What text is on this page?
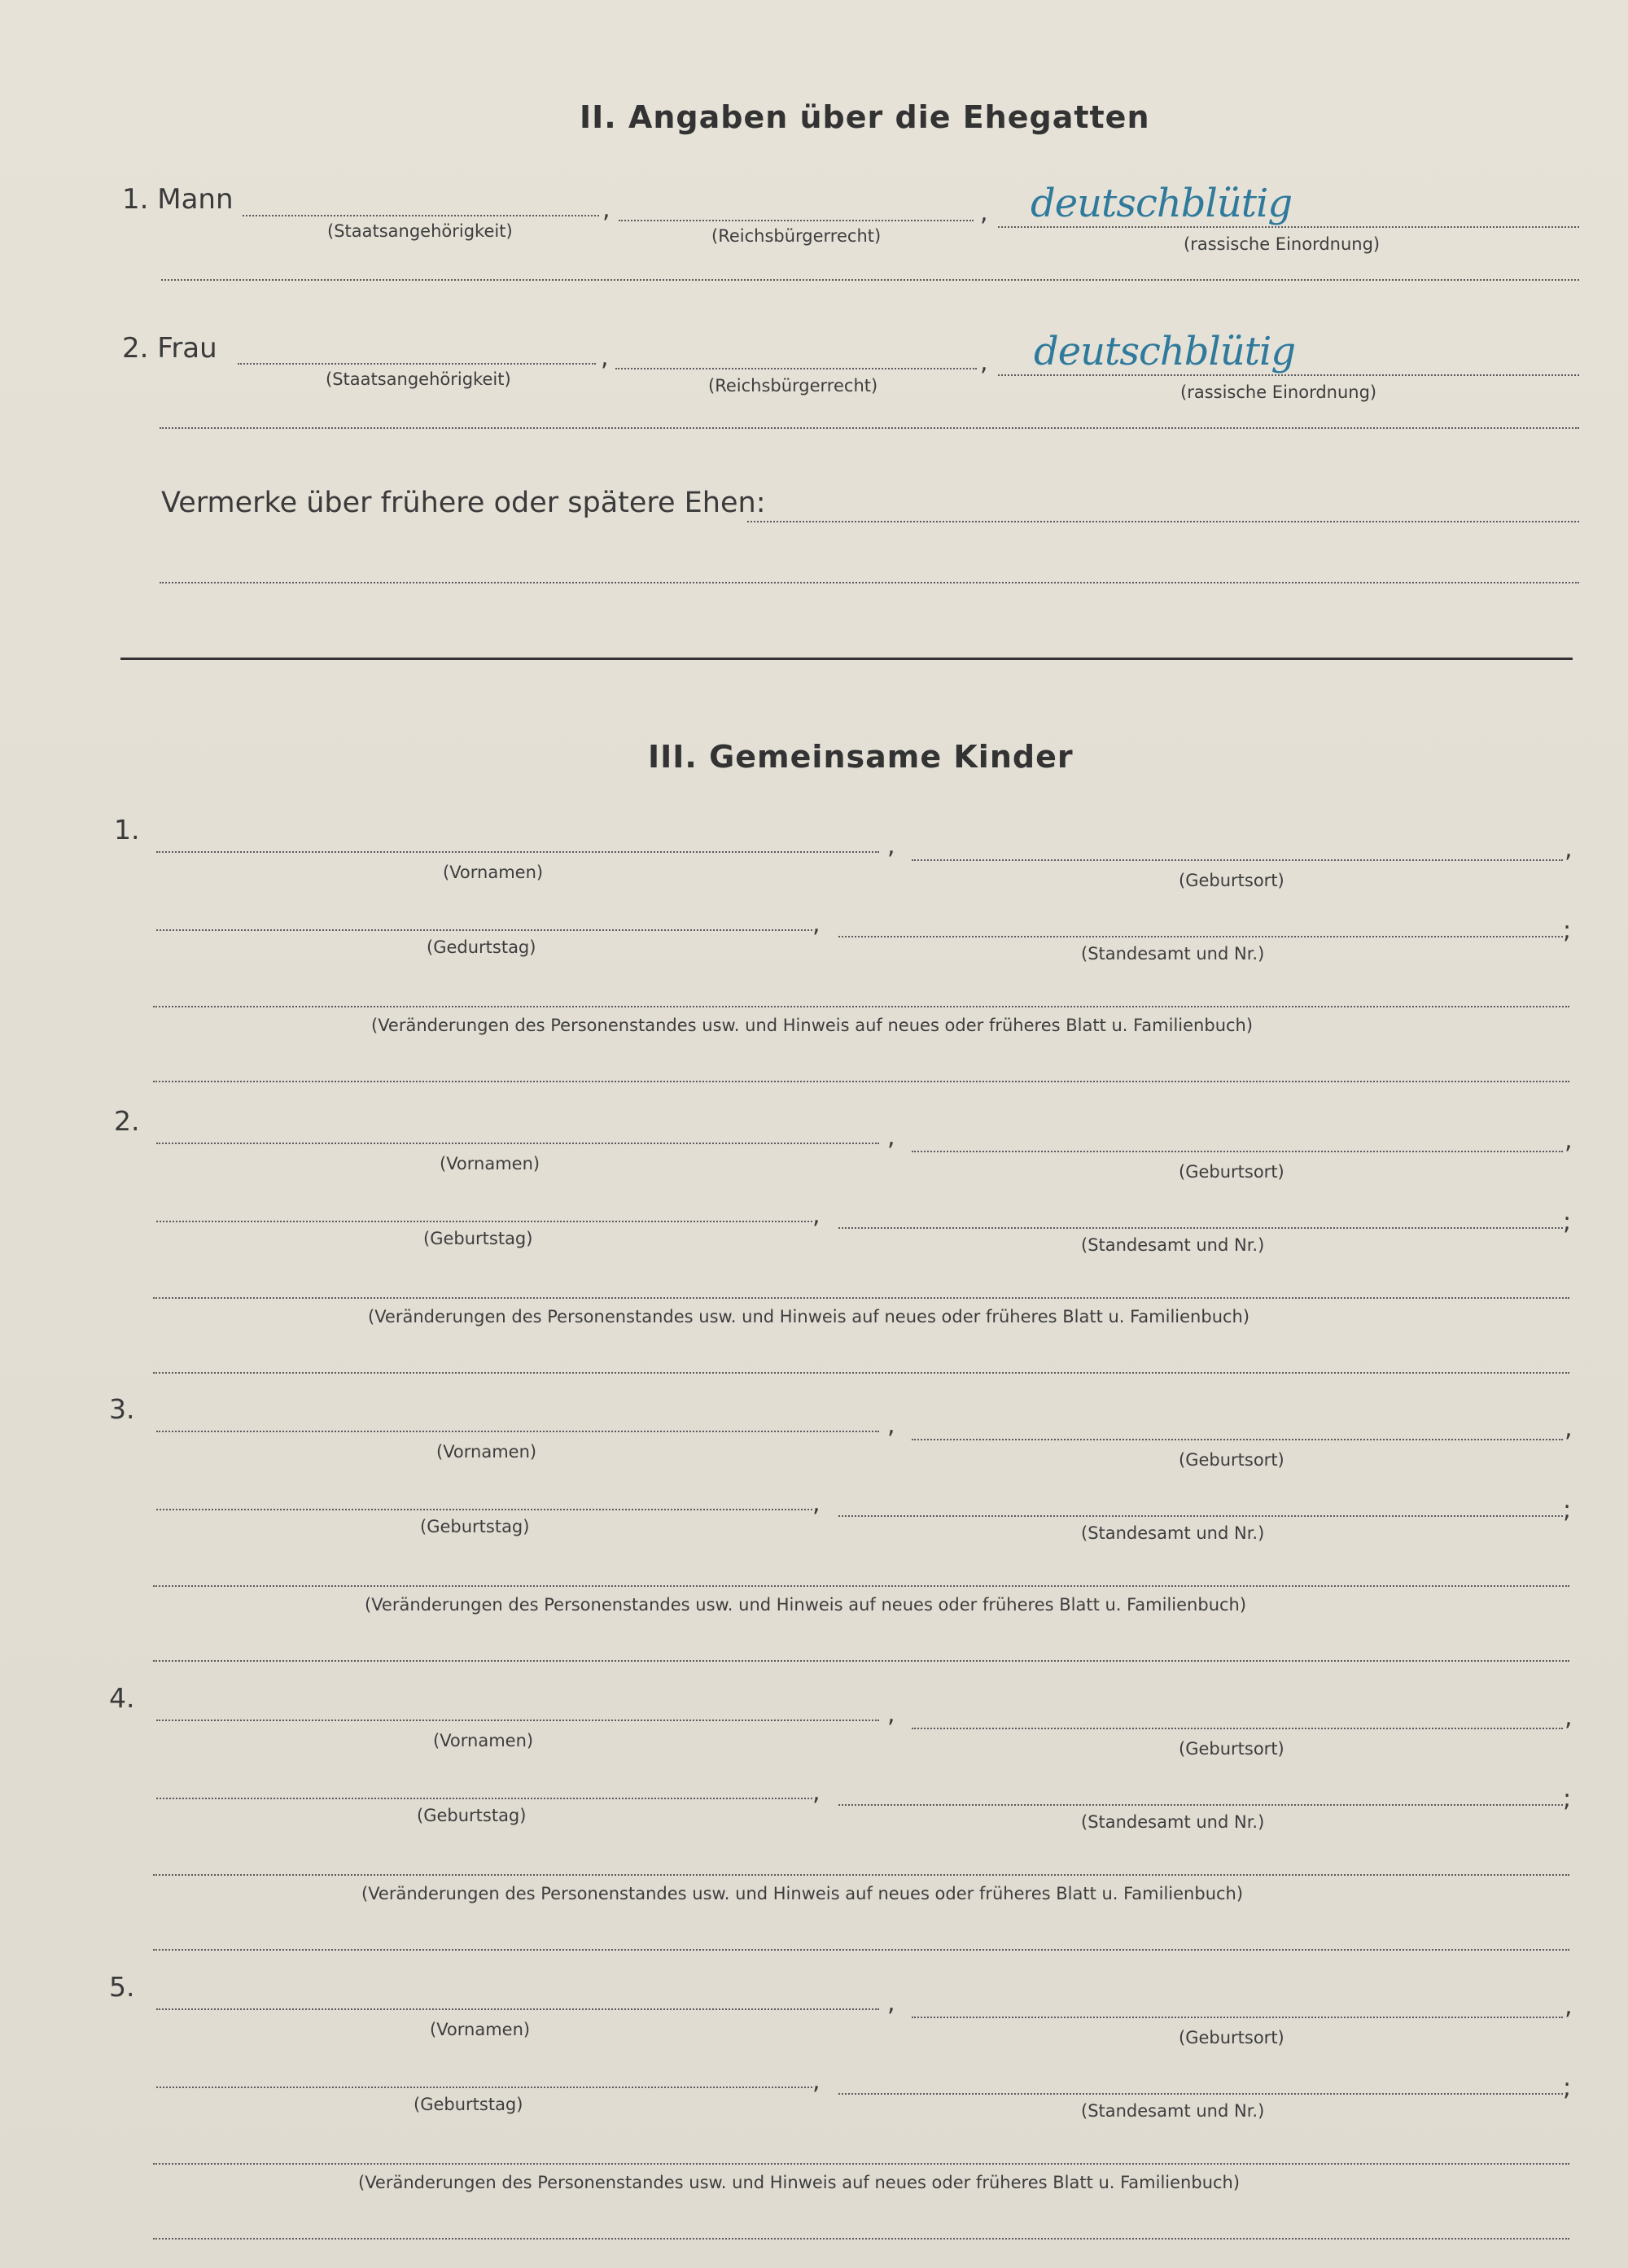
II. Angaben über die Ehegatten
1. Mann	,	, deutschblütig
(Staatsangehörigkeit)	(Reichsbürgerrecht)	(rassische Einordnung)
2. Frau	,	, deutschblütig
(Staatsangehörigkeit)	(Reichsbürgerrecht)	(rassische Einordnung)
Vermerke über frühere oder spätere Ehen:
III. Gemeinsame Kinder
1.
,	,
(Vornamen)	(Geburtsort)
,	;
(Gedurtstag)	(Standesamt und Nr.)
(Veränderungen des Personenstandes usw. und Hinweis auf neues oder früheres Blatt u. Familienbuch)
2.
,	,
(Vornamen)	(Geburtsort)
,	;
(Geburtstag)	(Standesamt und Nr.)
(Veränderungen des Personenstandes usw. und Hinweis auf neues oder früheres Blatt u. Familienbuch)
3.
,	,
(Vornamen)	(Geburtsort)
,	;
(Geburtstag)	(Standesamt und Nr.)
(Veränderungen des Personenstandes usw. und Hinweis auf neues oder früheres Blatt u. Familienbuch)
4.
,	,
(Vornamen)	(Geburtsort)
,	;
(Geburtstag)	(Standesamt und Nr.)
(Veränderungen des Personenstandes usw. und Hinweis auf neues oder früheres Blatt u. Familienbuch)
5.
,	,
(Vornamen)	(Geburtsort)
,	;
(Geburtstag)	(Standesamt und Nr.)
(Veränderungen des Personenstandes usw. und Hinweis auf neues oder früheres Blatt u. Familienbuch)
